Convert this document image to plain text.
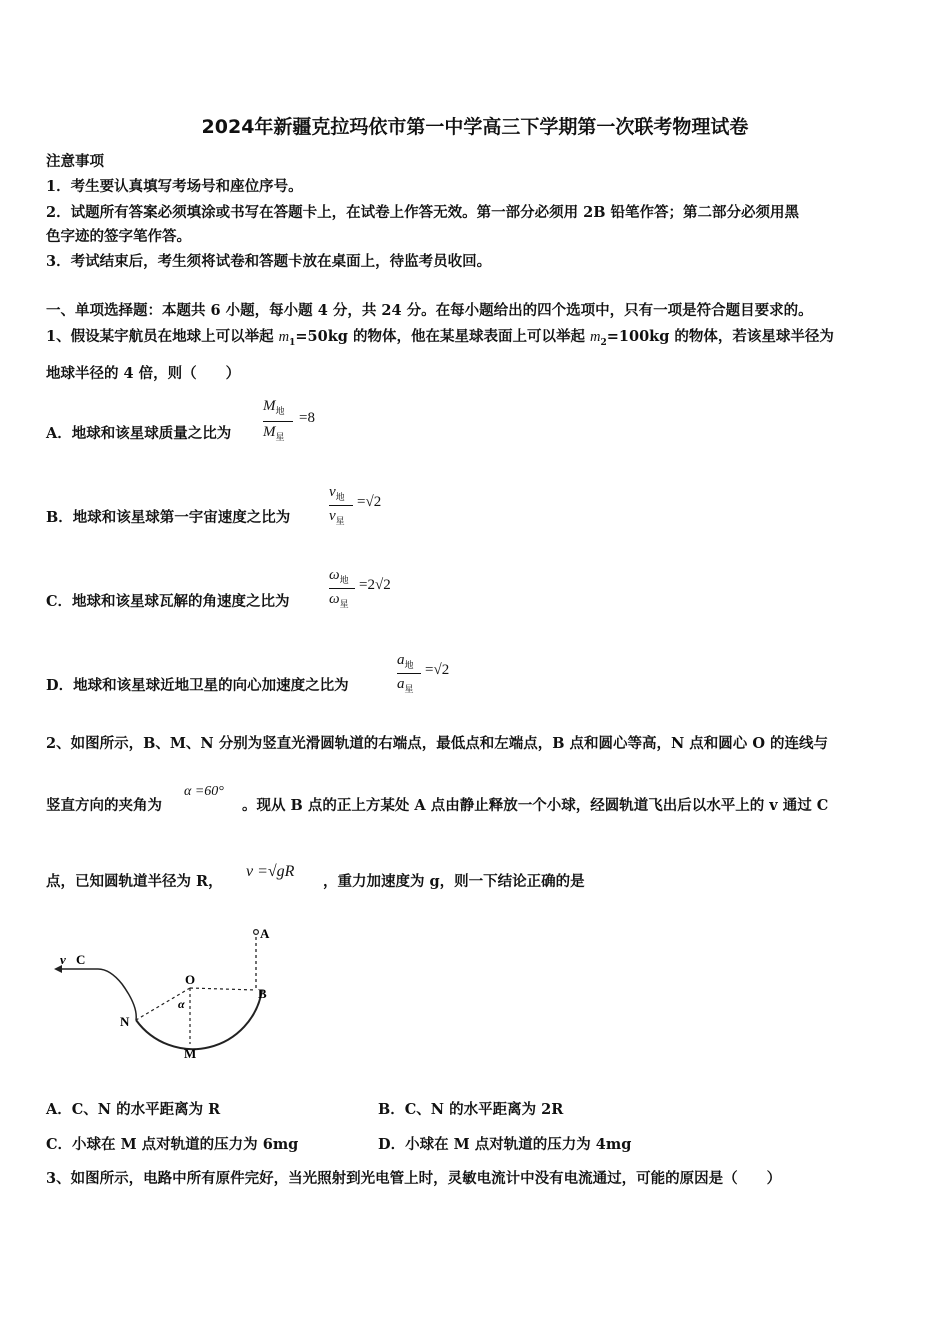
2024年新疆克拉玛依市第一中学高三下学期第一次联考物理试卷
注意事项
1．考生要认真填写考场号和座位序号。
2．试题所有答案必须填涂或书写在答题卡上，在试卷上作答无效。第一部分必须用 2B 铅笔作答；第二部分必须用黑
色字迹的签字笔作答。
3．考试结束后，考生须将试卷和答题卡放在桌面上，待监考员收回。
一、单项选择题：本题共 6 小题，每小题 4 分，共 24 分。在每小题给出的四个选项中，只有一项是符合题目要求的。
1、假设某宇航员在地球上可以举起 $m_1=50kg$ 的物体，他在某星球表面上可以举起 $m_2=100kg$ 的物体，若该星球半径为
地球半径的 4 倍，则（　　）
A．地球和该星球质量之比为
$M_地$
$M_星$
=8
B．地球和该星球第一宇宙速度之比为
$v_地$
$v_星$
=√2
C．地球和该星球瓦解的角速度之比为
$\omega_地$
$\omega_星$
=2√2
D．地球和该星球近地卫星的向心加速度之比为
$a_地$
$a_星$
=√2
2、如图所示，B、M、N 分别为竖直光滑圆轨道的右端点，最低点和左端点，B 点和圆心等高，N 点和圆心 O 的连线与
竖直方向的夹角为
α =60°
。现从 B 点的正上方某处 A 点由静止释放一个小球，经圆轨道飞出后以水平上的 v 通过 C
点，已知圆轨道半径为 R，
v =√gR
，重力加速度为 g，则一下结论正确的是
v C
A
O
B
N
α
M
A．C、N 的水平距离为 R	B．C、N 的水平距离为 2R
C．小球在 M 点对轨道的压力为 6mg	D．小球在 M 点对轨道的压力为 4mg
3、如图所示，电路中所有原件完好，当光照射到光电管上时，灵敏电流计中没有电流通过，可能的原因是（　　）
